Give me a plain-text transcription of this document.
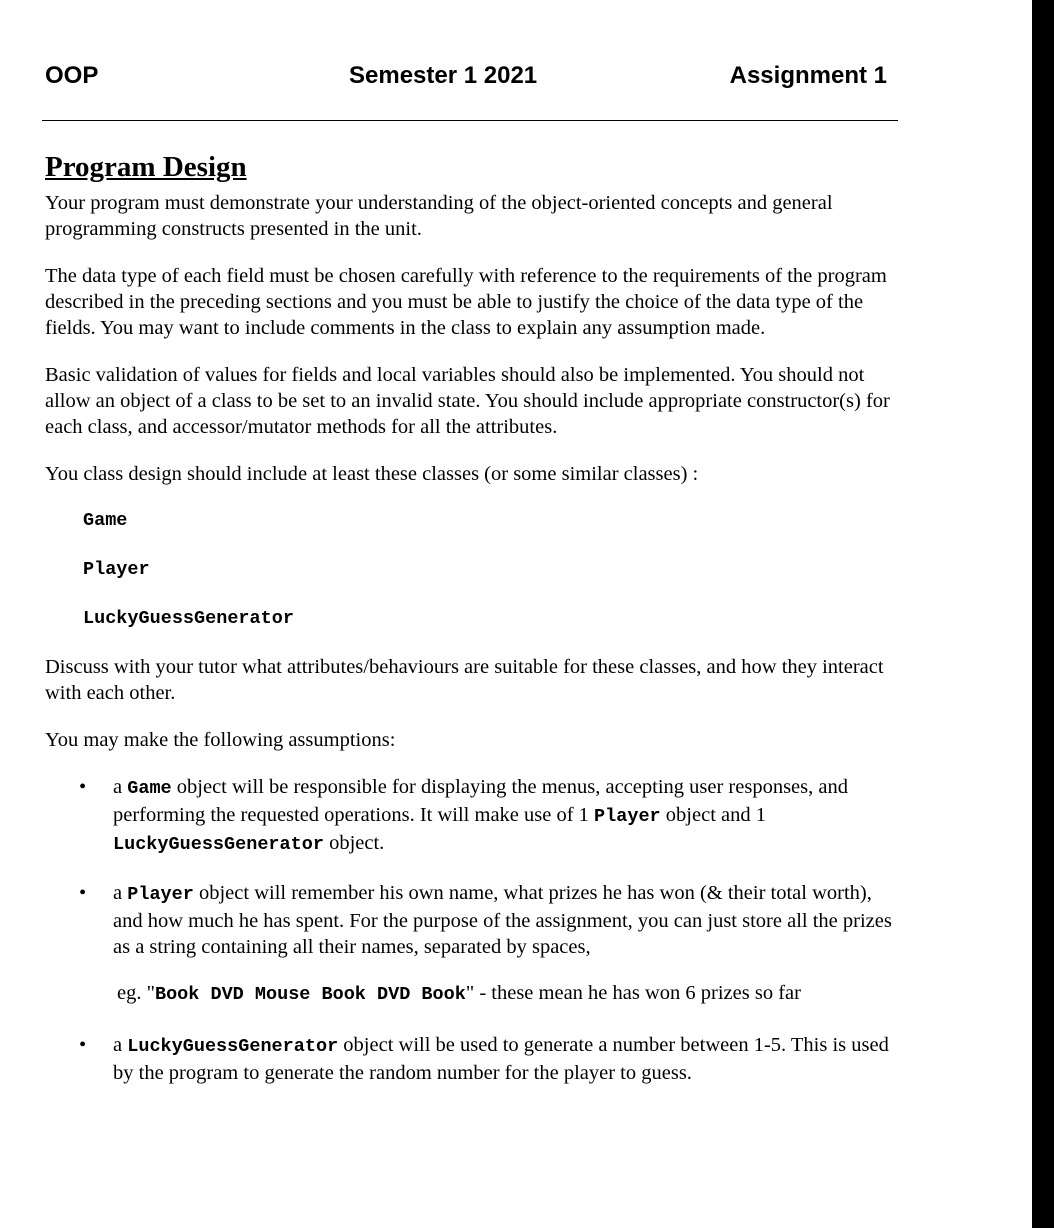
OOP	Semester 1 2021	Assignment 1
Program Design

Your program must demonstrate your understanding of the object-oriented concepts and general programming constructs presented in the unit.

The data type of each field must be chosen carefully with reference to the requirements of the program described in the preceding sections and you must be able to justify the choice of the data type of the fields. You may want to include comments in the class to explain any assumption made.

Basic validation of values for fields and local variables should also be implemented. You should not allow an object of a class to be set to an invalid state. You should include appropriate constructor(s) for each class, and accessor/mutator methods for all the attributes.

You class design should include at least these classes (or some similar classes) :

Game
Player
LuckyGuessGenerator

Discuss with your tutor what attributes/behaviours are suitable for these classes, and how they interact with each other.

You may make the following assumptions:

• a Game object will be responsible for displaying the menus, accepting user responses, and performing the requested operations. It will make use of 1 Player object and 1 LuckyGuessGenerator object.
• a Player object will remember his own name, what prizes he has won (& their total worth), and how much he has spent. For the purpose of the assignment, you can just store all the prizes as a string containing all their names, separated by spaces,
eg. "Book DVD Mouse Book DVD Book" - these mean he has won 6 prizes so far
• a LuckyGuessGenerator object will be used to generate a number between 1-5. This is used by the program to generate the random number for the player to guess.
